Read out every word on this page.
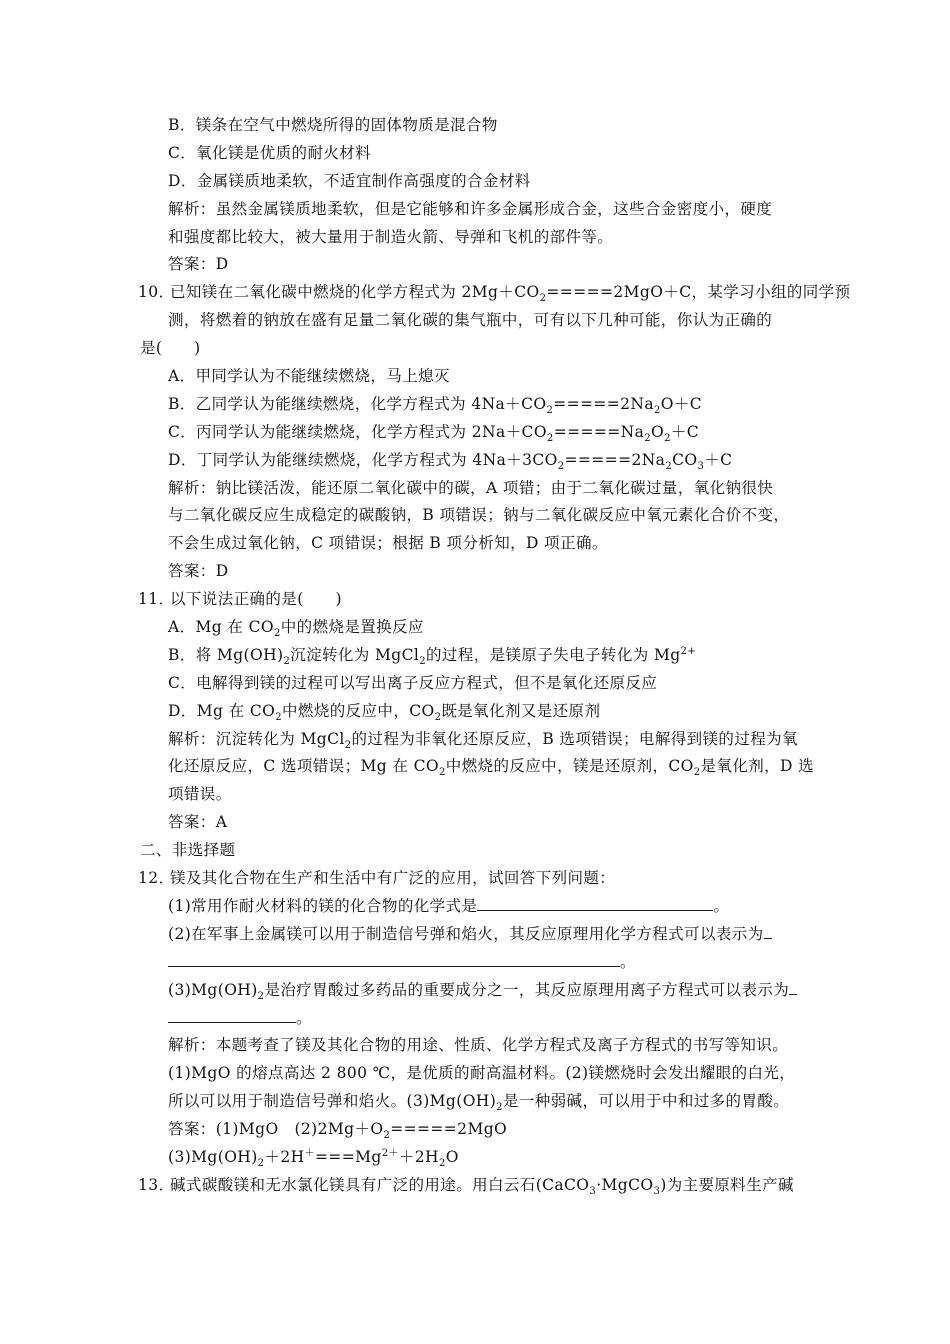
B．镁条在空气中燃烧所得的固体物质是混合物
C．氧化镁是优质的耐火材料
D．金属镁质地柔软，不适宜制作高强度的合金材料
解析：虽然金属镁质地柔软，但是它能够和许多金属形成合金，这些合金密度小，硬度
和强度都比较大，被大量用于制造火箭、导弹和飞机的部件等。
答案：D
10．已知镁在二氧化碳中燃烧的化学方程式为 $2Mg+CO_2=====2MgO+C$，某学习小组的同学预
测，将燃着的钠放在盛有足量二氧化碳的集气瓶中，可有以下几种可能，你认为正确的
是(　　)
A．甲同学认为不能继续燃烧，马上熄灭
B．乙同学认为能继续燃烧，化学方程式为 $4Na+CO_2=====2Na_2O+C$
C．丙同学认为能继续燃烧，化学方程式为 $2Na+CO_2=====Na_2O_2+C$
D．丁同学认为能继续燃烧，化学方程式为 $4Na+3CO_2=====2Na_2CO_3+C$
解析：钠比镁活泼，能还原二氧化碳中的碳，A 项错；由于二氧化碳过量，氧化钠很快
与二氧化碳反应生成稳定的碳酸钠，B 项错误；钠与二氧化碳反应中氧元素化合价不变，
不会生成过氧化钠，C 项错误；根据 B 项分析知，D 项正确。
答案：D
11．以下说法正确的是(　　)
A．Mg 在 $CO_2$中的燃烧是置换反应
B．将 $Mg(OH)_2$沉淀转化为 MgCl$_2$的过程，是镁原子失电子转化为 $Mg^{2+}$
C．电解得到镁的过程可以写出离子反应方程式，但不是氧化还原反应
D．Mg 在 $CO_2$中燃烧的反应中，$CO_2$既是氧化剂又是还原剂
解析：沉淀转化为 MgCl$_2$的过程为非氧化还原反应，B 选项错误；电解得到镁的过程为氧
化还原反应，C 选项错误；Mg 在 $CO_2$中燃烧的反应中，镁是还原剂，$CO_2$是氧化剂，D 选
项错误。
答案：A
二、非选择题
12．镁及其化合物在生产和生活中有广泛的应用，试回答下列问题：
(1)常用作耐火材料的镁的化合物的化学式是	。
(2)在军事上金属镁可以用于制造信号弹和焰火，其反应原理用化学方程式可以表示为
。
$(3)Mg(OH)_2$是治疗胃酸过多药品的重要成分之一，其反应原理用离子方程式可以表示为
。
解析：本题考查了镁及其化合物的用途、性质、化学方程式及离子方程式的书写等知识。
(1)MgO 的熔点高达 2 800 ℃，是优质的耐高温材料。(2)镁燃烧时会发出耀眼的白光，
所以可以用于制造信号弹和焰火。$(3)Mg(OH)_2$是一种弱碱，可以用于中和过多的胃酸。
答案：(1)MgO　$(2)2Mg+O_2=====2MgO$
$(3)Mg(OH)_2+2H^+===Mg^{2+}+2H_2O$
13．碱式碳酸镁和无水氯化镁具有广泛的用途。用白云石(CaCO$_3$·MgCO$_3$)为主要原料生产碱
